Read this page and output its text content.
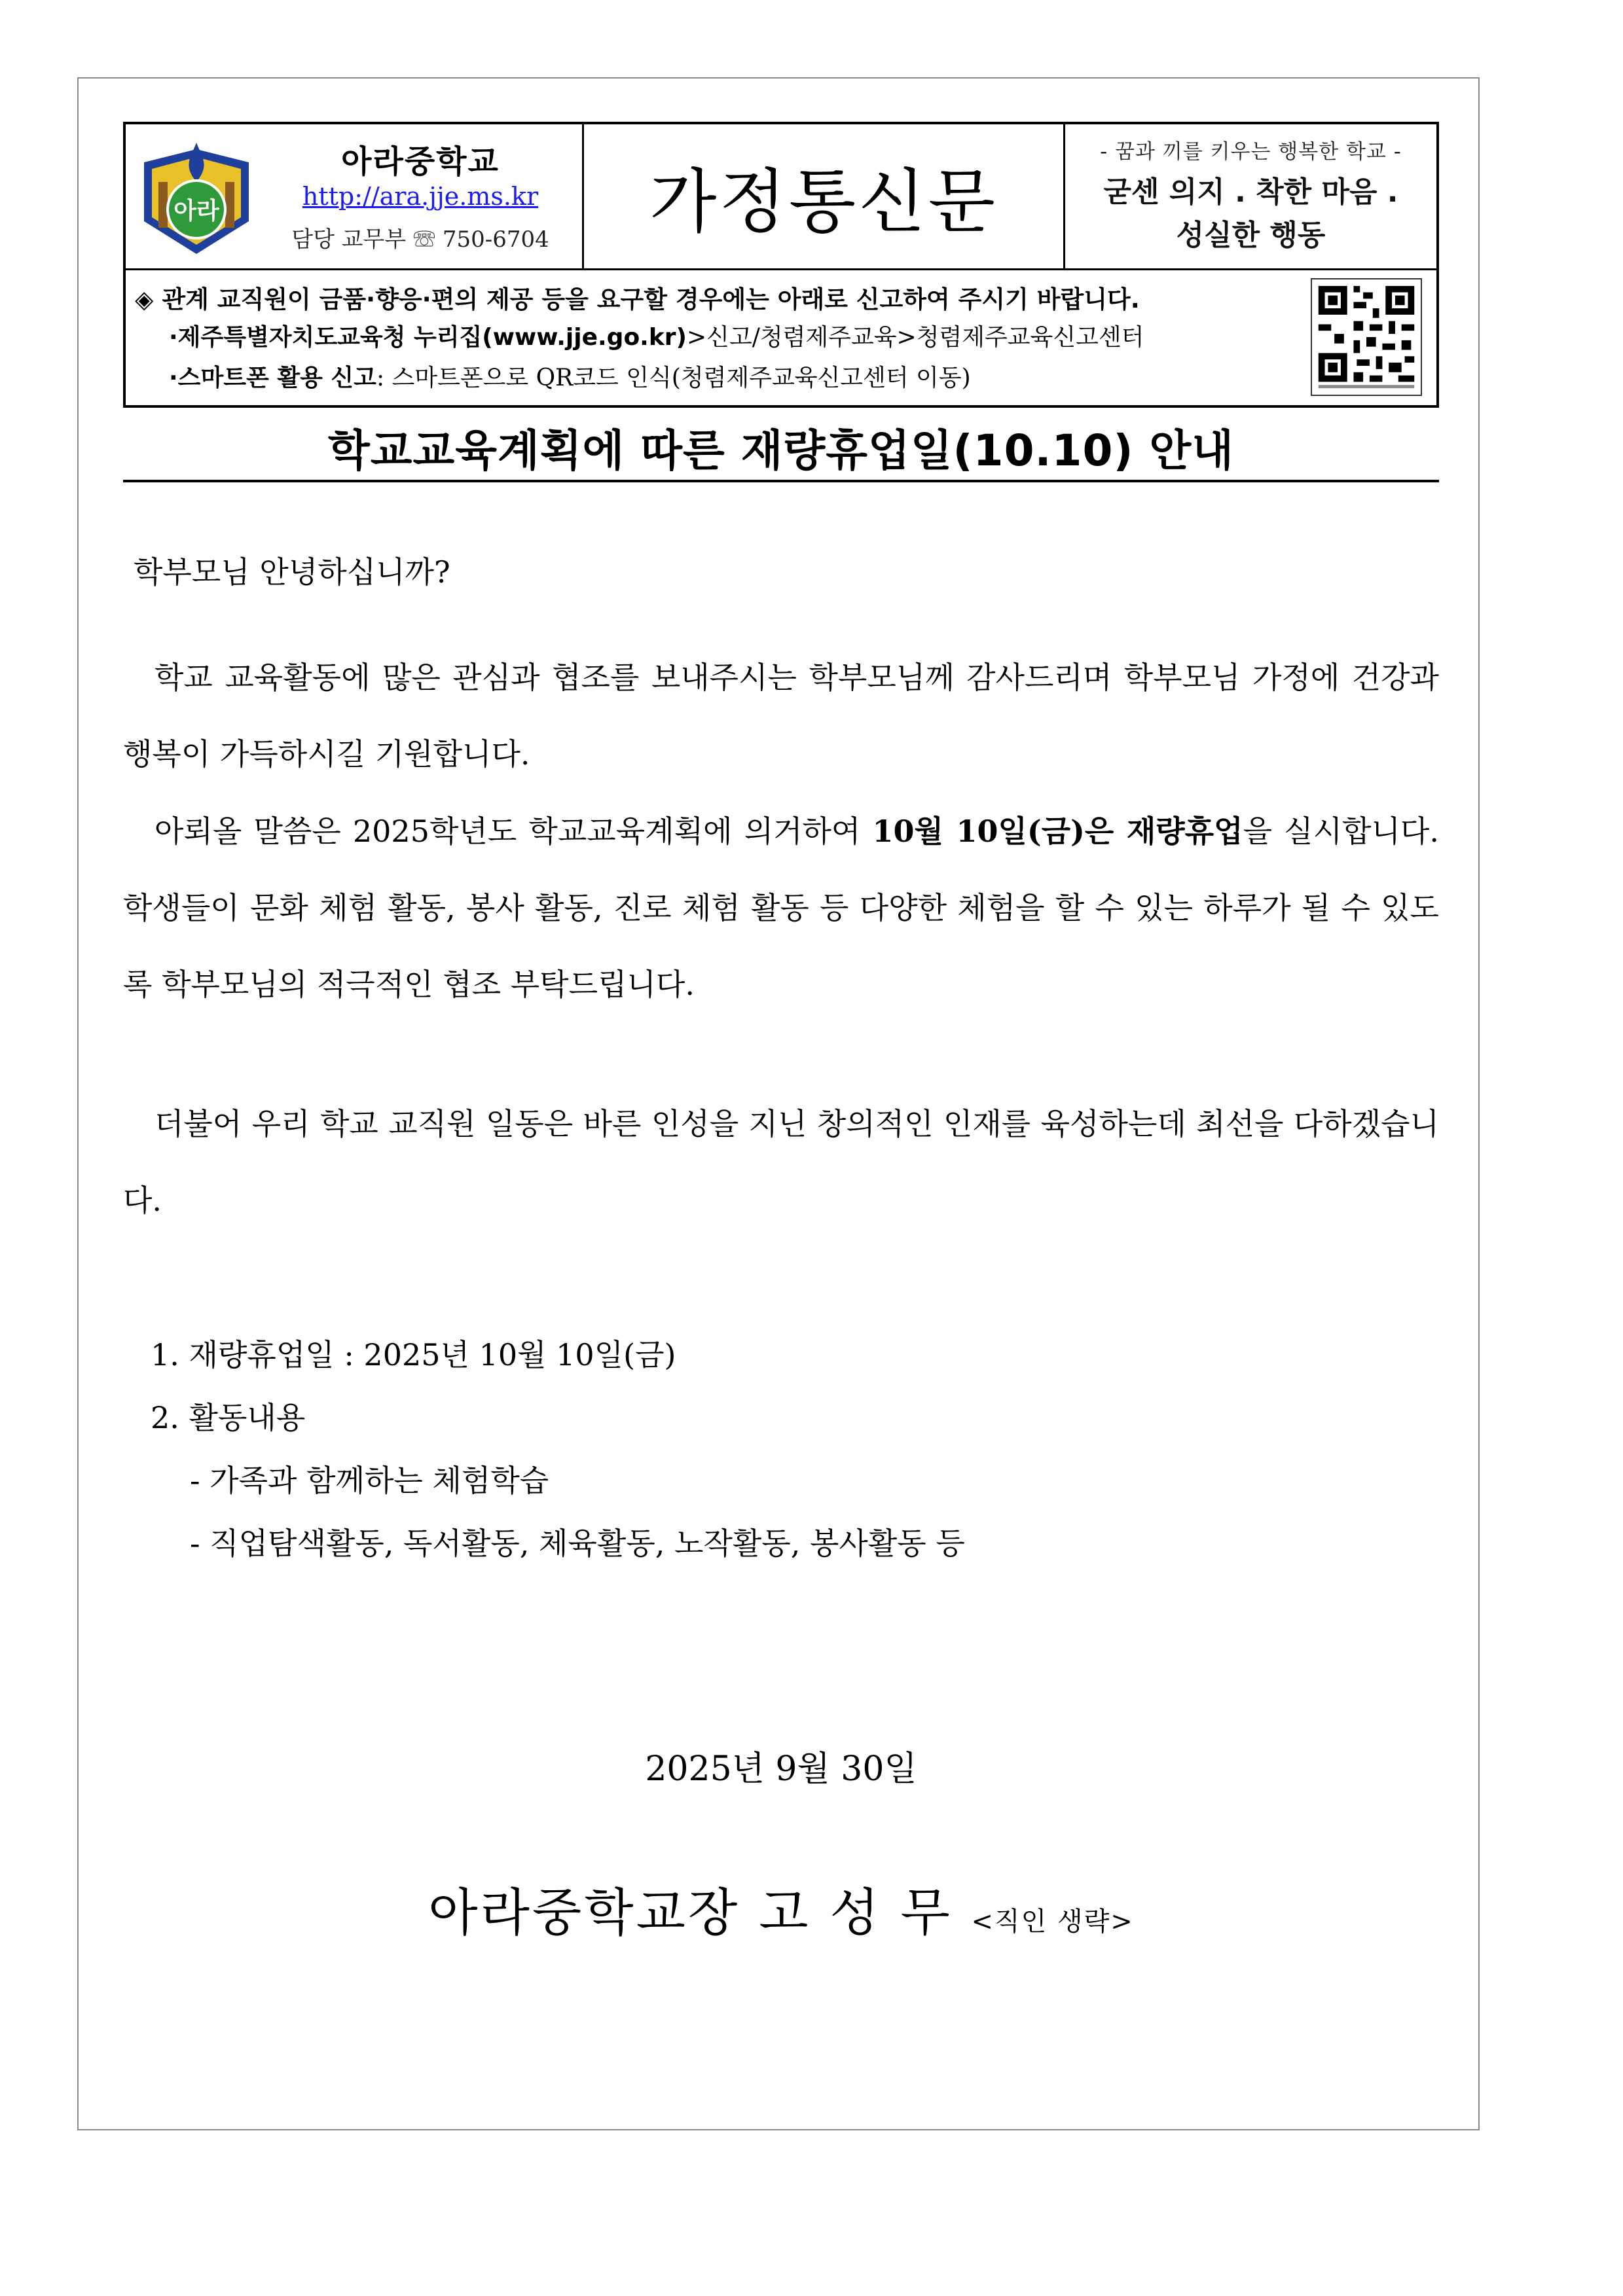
아라
아라중학교
http://ara.jje.ms.kr
담당 교무부 ☏ 750-6704	가정통신문
- 꿈과 끼를 키우는 행복한 학교 -
굳센 의지 . 착한 마음 .
성실한 행동
◈ 관계 교직원이 금품·향응·편의 제공 등을 요구할 경우에는 아래로 신고하여 주시기 바랍니다.
·제주특별자치도교육청 누리집(www.jje.go.kr)>신고/청렴제주교육>청렴제주교육신고센터
·스마트폰 활용 신고: 스마트폰으로 QR코드 인식(청렴제주교육신고센터 이동)
학교교육계획에 따른 재량휴업일(10.10) 안내
학부모님 안녕하십니까?
학교 교육활동에 많은 관심과 협조를 보내주시는 학부모님께 감사드리며 학부모님 가정에 건강과 행복이 가득하시길 기원합니다.
아뢰올 말씀은 2025학년도 학교교육계획에 의거하여 10월 10일(금)은 재량휴업을 실시합니다. 학생들이 문화 체험 활동, 봉사 활동, 진로 체험 활동 등 다양한 체험을 할 수 있는 하루가 될 수 있도록 학부모님의 적극적인 협조 부탁드립니다.
더불어 우리 학교 교직원 일동은 바른 인성을 지닌 창의적인 인재를 육성하는데 최선을 다하겠습니다.
1. 재량휴업일 : 2025년 10월 10일(금)
2. 활동내용
- 가족과 함께하는 체험학습
- 직업탐색활동, 독서활동, 체육활동, 노작활동, 봉사활동 등
2025년 9월 30일
아라중학교장 고 성 무 <직인 생략>
